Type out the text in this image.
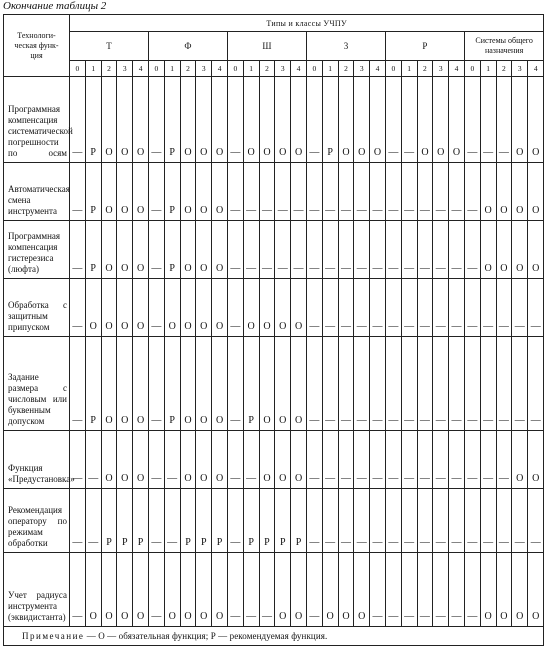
Окончание таблицы 2
Технологи-
ческая функ-
ция	Типы и классы УЧПУ																													
	Т					Ф					Ш					3					Р					Системы общего назначения				
	0	1	2	3	4	0	1	2	3	4	0	1	2	3	4	0	1	2	3	4	0	1	2	3	4	0	1	2	3	4
Программная компенсация систематической погрешности по осям	—	Р	О	О	О	—	Р	О	О	О	—	О	О	О	О	—	Р	О	О	О	—	—	О	О	О	—	—	—	О	О
Автоматическая смена инструмента	—	Р	О	О	О	—	Р	О	О	О	—	—	—	—	—	—	—	—	—	—	—	—	—	—	—	—	О	О	О	О
Программная компенсация гистерезиса (люфта)	—	Р	О	О	О	—	Р	О	О	О	—	—	—	—	—	—	—	—	—	—	—	—	—	—	—	—	О	О	О	О
Обработка с защитным припуском	—	О	О	О	О	—	О	О	О	О	—	О	О	О	О	—	—	—	—	—	—	—	—	—	—	—	—	—	—	—
Задание размера с числовым или буквенным допуском	—	Р	О	О	О	—	Р	О	О	О	—	Р	О	О	О	—	—	—	—	—	—	—	—	—	—	—	—	—	—	—
Функция «Предустановка»	—	—	О	О	О	—	—	О	О	О	—	—	О	О	О	—	—	—	—	—	—	—	—	—	—	—	—	—	О	О
Рекомендация оператору по режимам обработки	—	—	Р	Р	Р	—	—	Р	Р	Р	—	Р	Р	Р	Р	—	—	—	—	—	—	—	—	—	—	—	—	—	—	—
Учет радиуса инструмента (эквидистанта)	—	О	О	О	О	—	О	О	О	О	—	—	—	О	О	—	О	О	О	—	—	—	—	—	—	—	О	О	О	О
Примечание — О — обязательная функция; Р — рекомендуемая функция.																														
